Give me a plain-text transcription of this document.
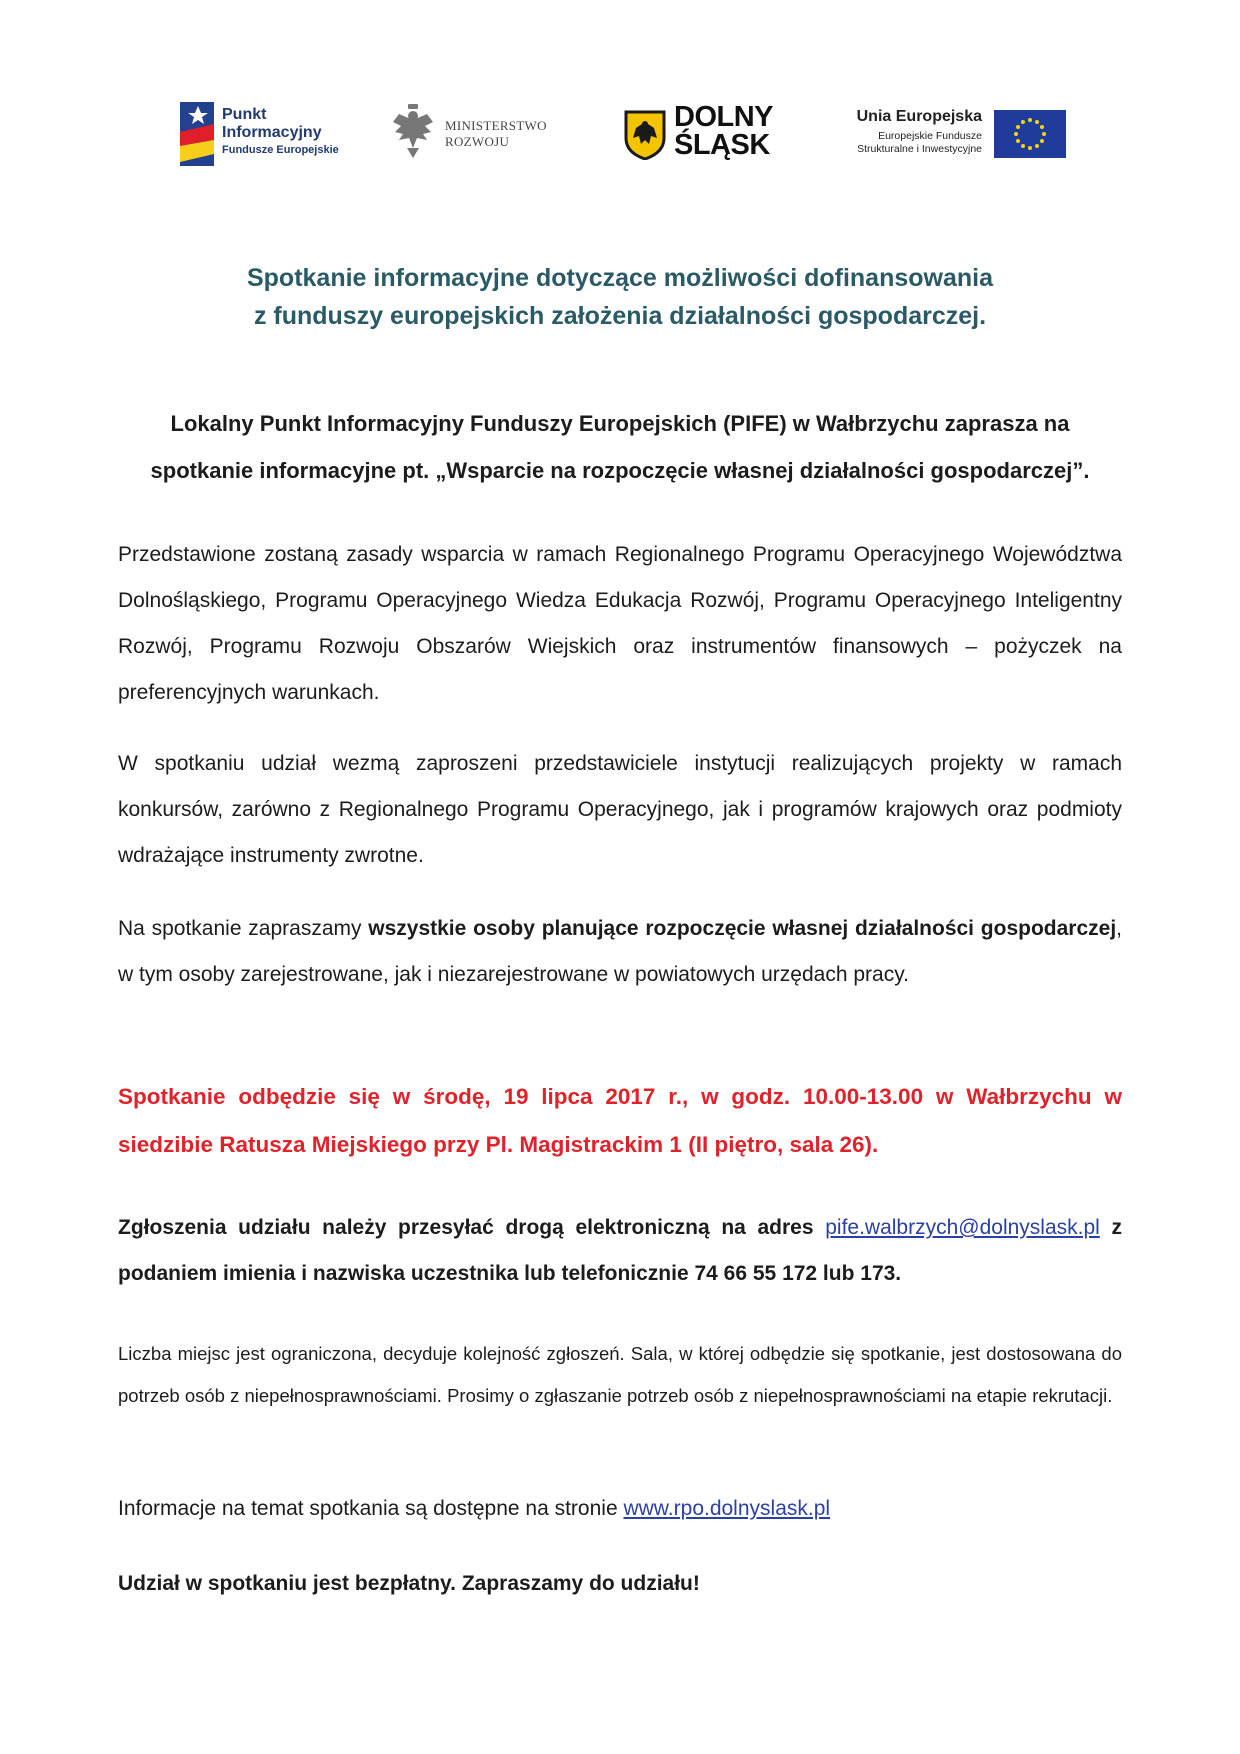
Punkt
Informacyjny
Fundusze Europejskie
MINISTERSTWO
ROZWOJU
DOLNY
ŚLĄSK
Unia Europejska
Europejskie Fundusze
Strukturalne i Inwestycyjne
Spotkanie informacyjne dotyczące możliwości dofinansowania
z funduszy europejskich założenia działalności gospodarczej.

Lokalny Punkt Informacyjny Funduszy Europejskich (PIFE) w Wałbrzychu zaprasza na
spotkanie informacyjne pt. „Wsparcie na rozpoczęcie własnej działalności gospodarczej”.

Przedstawione zostaną zasady wsparcia w ramach Regionalnego Programu Operacyjnego Województwa Dolnośląskiego, Programu Operacyjnego Wiedza Edukacja Rozwój, Programu Operacyjnego Inteligentny Rozwój, Programu Rozwoju Obszarów Wiejskich oraz instrumentów finansowych – pożyczek na preferencyjnych warunkach.

W spotkaniu udział wezmą zaproszeni przedstawiciele instytucji realizujących projekty w ramach konkursów, zarówno z Regionalnego Programu Operacyjnego, jak i programów krajowych oraz podmioty wdrażające instrumenty zwrotne.

Na spotkanie zapraszamy wszystkie osoby planujące rozpoczęcie własnej działalności gospodarczej, w tym osoby zarejestrowane, jak i niezarejestrowane w powiatowych urzędach pracy.

Spotkanie odbędzie się w środę, 19 lipca 2017 r., w godz. 10.00-13.00 w Wałbrzychu w siedzibie Ratusza Miejskiego przy Pl. Magistrackim 1 (II piętro, sala 26).

Zgłoszenia udziału należy przesyłać drogą elektroniczną na adres pife.walbrzych@dolnyslask.pl z podaniem imienia i nazwiska uczestnika lub telefonicznie 74 66 55 172 lub 173.

Liczba miejsc jest ograniczona, decyduje kolejność zgłoszeń. Sala, w której odbędzie się spotkanie, jest dostosowana do potrzeb osób z niepełnosprawnościami. Prosimy o zgłaszanie potrzeb osób z niepełnosprawnościami na etapie rekrutacji.

Informacje na temat spotkania są dostępne na stronie www.rpo.dolnyslask.pl

Udział w spotkaniu jest bezpłatny. Zapraszamy do udziału!
